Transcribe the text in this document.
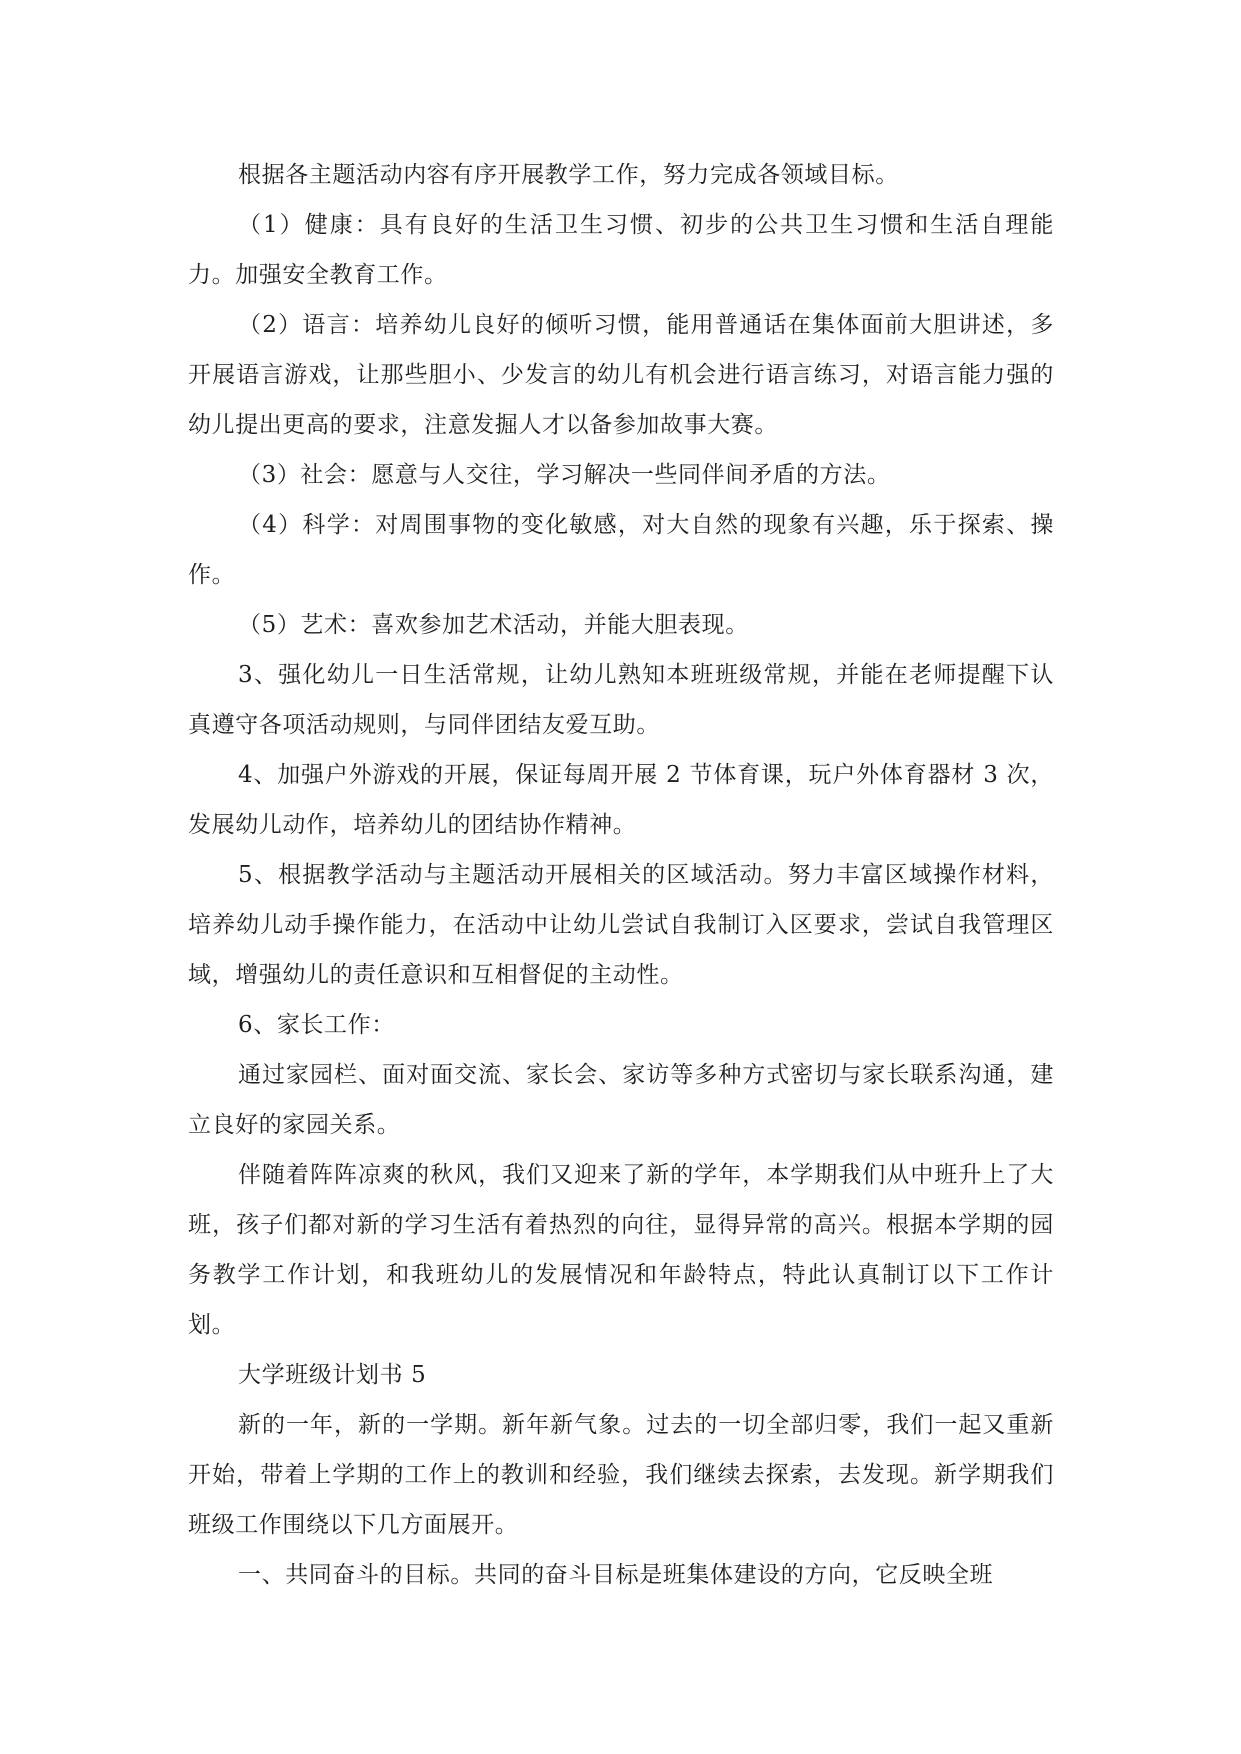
根据各主题活动内容有序开展教学工作，努力完成各领域目标。

（1）健康：具有良好的生活卫生习惯、初步的公共卫生习惯和生活自理能力。加强安全教育工作。

（2）语言：培养幼儿良好的倾听习惯，能用普通话在集体面前大胆讲述，多开展语言游戏，让那些胆小、少发言的幼儿有机会进行语言练习，对语言能力强的幼儿提出更高的要求，注意发掘人才以备参加故事大赛。

（3）社会：愿意与人交往，学习解决一些同伴间矛盾的方法。

（4）科学：对周围事物的变化敏感，对大自然的现象有兴趣，乐于探索、操作。

（5）艺术：喜欢参加艺术活动，并能大胆表现。

3、强化幼儿一日生活常规，让幼儿熟知本班班级常规，并能在老师提醒下认真遵守各项活动规则，与同伴团结友爱互助。

4、加强户外游戏的开展，保证每周开展 2 节体育课，玩户外体育器材 3 次，发展幼儿动作，培养幼儿的团结协作精神。

5、根据教学活动与主题活动开展相关的区域活动。努力丰富区域操作材料，培养幼儿动手操作能力，在活动中让幼儿尝试自我制订入区要求，尝试自我管理区域，增强幼儿的责任意识和互相督促的主动性。

6、家长工作：

通过家园栏、面对面交流、家长会、家访等多种方式密切与家长联系沟通，建立良好的家园关系。

伴随着阵阵凉爽的秋风，我们又迎来了新的学年，本学期我们从中班升上了大班，孩子们都对新的学习生活有着热烈的向往，显得异常的高兴。根据本学期的园务教学工作计划，和我班幼儿的发展情况和年龄特点，特此认真制订以下工作计划。

大学班级计划书 5

新的一年，新的一学期。新年新气象。过去的一切全部归零，我们一起又重新开始，带着上学期的工作上的教训和经验，我们继续去探索，去发现。新学期我们班级工作围绕以下几方面展开。

一、共同奋斗的目标。共同的奋斗目标是班集体建设的方向，它反映全班
